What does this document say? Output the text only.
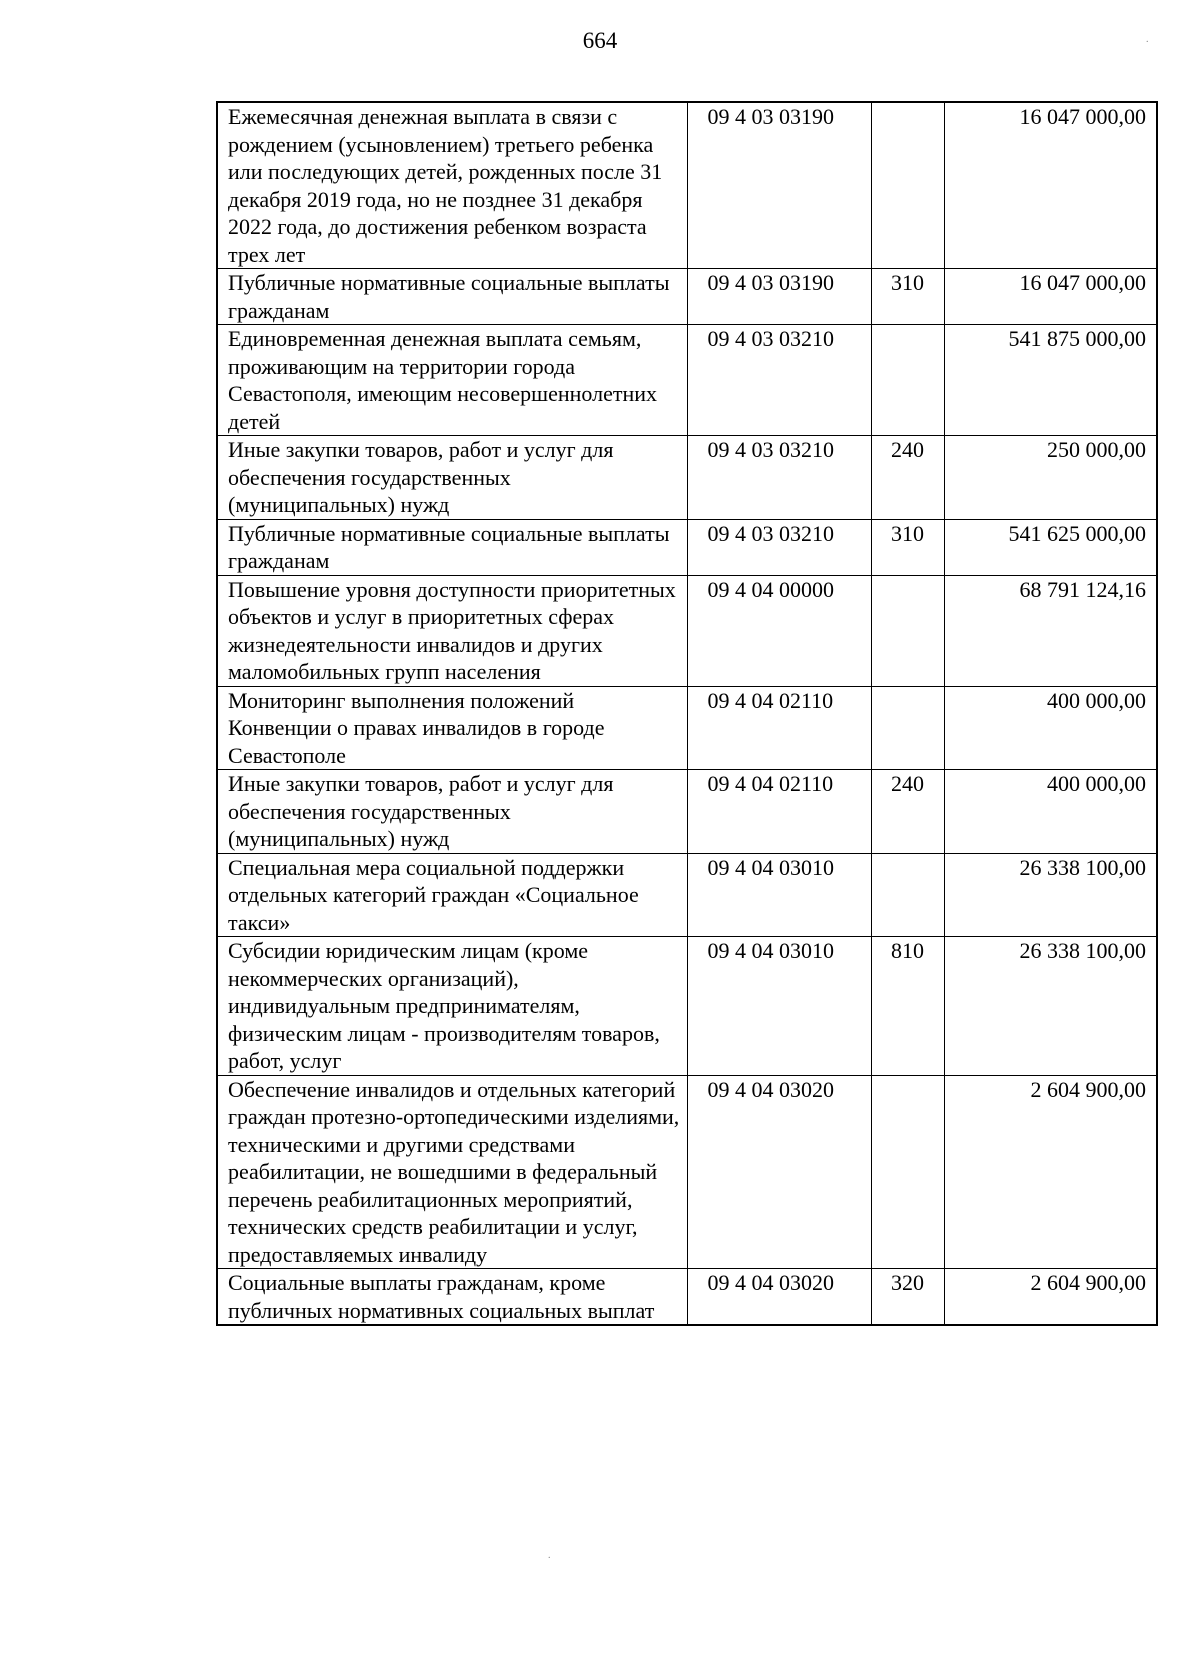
664
Ежемесячная денежная выплата в связи с рождением (усыновлением) третьего ребенка или последующих детей, рожденных после 31 декабря 2019 года, но не позднее 31 декабря 2022 года, до достижения ребенком возраста трех лет	09 4 03 03190		16 047 000,00
Публичные нормативные социальные выплаты гражданам	09 4 03 03190	310	16 047 000,00
Единовременная денежная выплата семьям, проживающим на территории города Севастополя, имеющим несовершеннолетних детей	09 4 03 03210		541 875 000,00
Иные закупки товаров, работ и услуг для обеспечения государственных (муниципальных) нужд	09 4 03 03210	240	250 000,00
Публичные нормативные социальные выплаты гражданам	09 4 03 03210	310	541 625 000,00
Повышение уровня доступности приоритетных объектов и услуг в приоритетных сферах жизнедеятельности инвалидов и других маломобильных групп населения	09 4 04 00000		68 791 124,16
Мониторинг выполнения положений Конвенции о правах инвалидов в городе Севастополе	09 4 04 02110		400 000,00
Иные закупки товаров, работ и услуг для обеспечения государственных (муниципальных) нужд	09 4 04 02110	240	400 000,00
Специальная мера социальной поддержки отдельных категорий граждан «Социальное такси»	09 4 04 03010		26 338 100,00
Субсидии юридическим лицам (кроме некоммерческих организаций), индивидуальным предпринимателям, физическим лицам - производителям товаров, работ, услуг	09 4 04 03010	810	26 338 100,00
Обеспечение инвалидов и отдельных категорий граждан протезно-ортопедическими изделиями, техническими и другими средствами реабилитации, не вошедшими в федеральный перечень реабилитационных мероприятий, технических средств реабилитации и услуг, предоставляемых инвалиду	09 4 04 03020		2 604 900,00
Социальные выплаты гражданам, кроме публичных нормативных социальных выплат	09 4 04 03020	320	2 604 900,00
.
.
